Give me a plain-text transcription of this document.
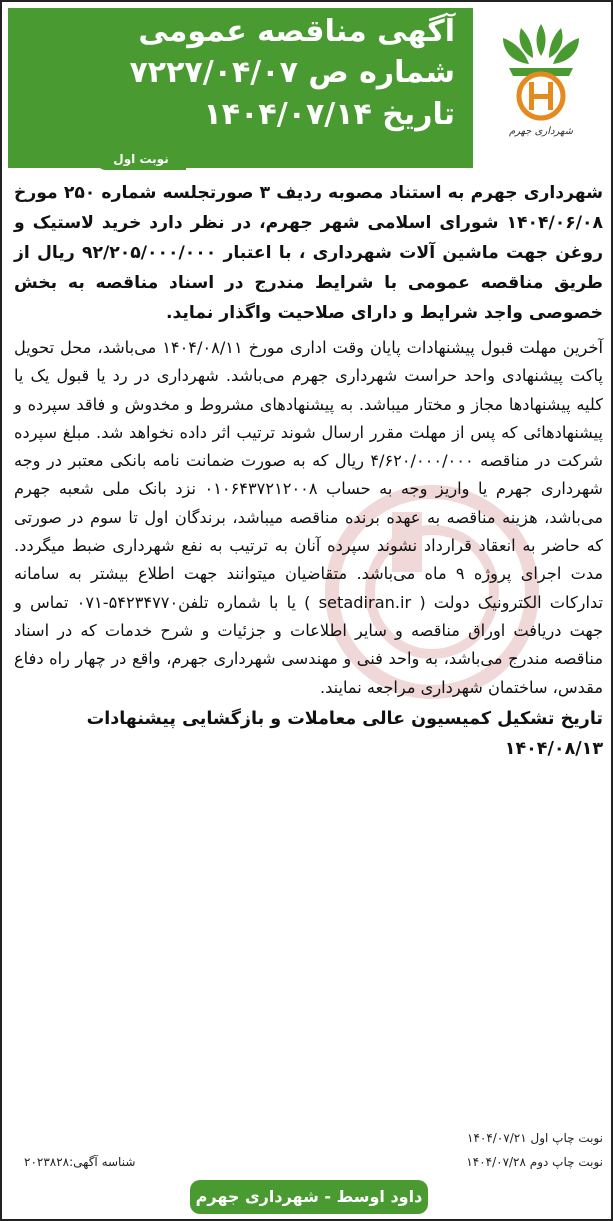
آگهی مناقصه عمومی
شماره ص ۷۲۲۷/۰۴/۰۷
تاریخ ۱۴۰۴/۰۷/۱۴	شهرداری جهرم
نوبت اول

شهرداری جهرم به استناد مصوبه ردیف ۳ صورتجلسه شماره ۲۵۰ مورخ ۱۴۰۴/۰۶/۰۸ شورای اسلامی شهر جهرم، در نظر دارد خرید لاستیک و روغن جهت ماشین آلات شهرداری ، با اعتبار ۹۲/۲۰۵/۰۰۰/۰۰۰ ریال از طریق مناقصه عمومی با شرایط مندرج در اسناد مناقصه به بخش خصوصی واجد شرایط و دارای صلاحیت واگذار نماید.

آخرین مهلت قبول پیشنهادات پایان وقت اداری مورخ ۱۴۰۴/۰۸/۱۱ می‌باشد، محل تحویل پاکت پیشنهادی واحد حراست شهرداری جهرم می‌باشد. شهرداری در رد یا قبول یک یا کلیه پیشنهادها مجاز و مختار میباشد. به پیشنهادهای مشروط و مخدوش و فاقد سپرده و پیشنهادهائی که پس از مهلت مقرر ارسال شوند ترتیب اثر داده نخواهد شد. مبلغ سپرده شرکت در مناقصه ۴/۶۲۰/۰۰۰/۰۰۰ ریال که به صورت ضمانت نامه بانکی معتبر در وجه شهرداری جهرم یا واریز وجه به حساب ۰۱۰۶۴۳۷۲۱۲۰۰۸ نزد بانک ملی شعبه جهرم می‌باشد، هزینه مناقصه به عهده برنده مناقصه میباشد، برندگان اول تا سوم در صورتی که حاضر به انعقاد قرارداد نشوند سپرده آنان به ترتیب به نفع شهرداری ضبط میگردد. مدت اجرای پروژه ۹ ماه می‌باشد. متقاضیان میتوانند جهت اطلاع بیشتر به سامانه تدارکات الکترونیک دولت ( setadiran.ir ) یا با شماره تلفن۵۴۲۳۴۷۷۰-۰۷۱ تماس و جهت دریافت اوراق مناقصه و سایر اطلاعات و جزئیات و شرح خدمات که در اسناد مناقصه مندرج می‌باشد، به واحد فنی و مهندسی شهرداری جهرم، واقع در چهار راه دفاع مقدس، ساختمان شهرداری مراجعه نمایند.

تاریخ تشکیل کمیسیون عالی معاملات و بازگشایی پیشنهادات

۱۴۰۴/۰۸/۱۳

نوبت چاپ اول ۱۴۰۴/۰۷/۲۱
نوبت چاپ دوم ۱۴۰۴/۰۷/۲۸
شناسه آگهی:۲۰۲۳۸۲۸
داود اوسط - شهرداری جهرم
